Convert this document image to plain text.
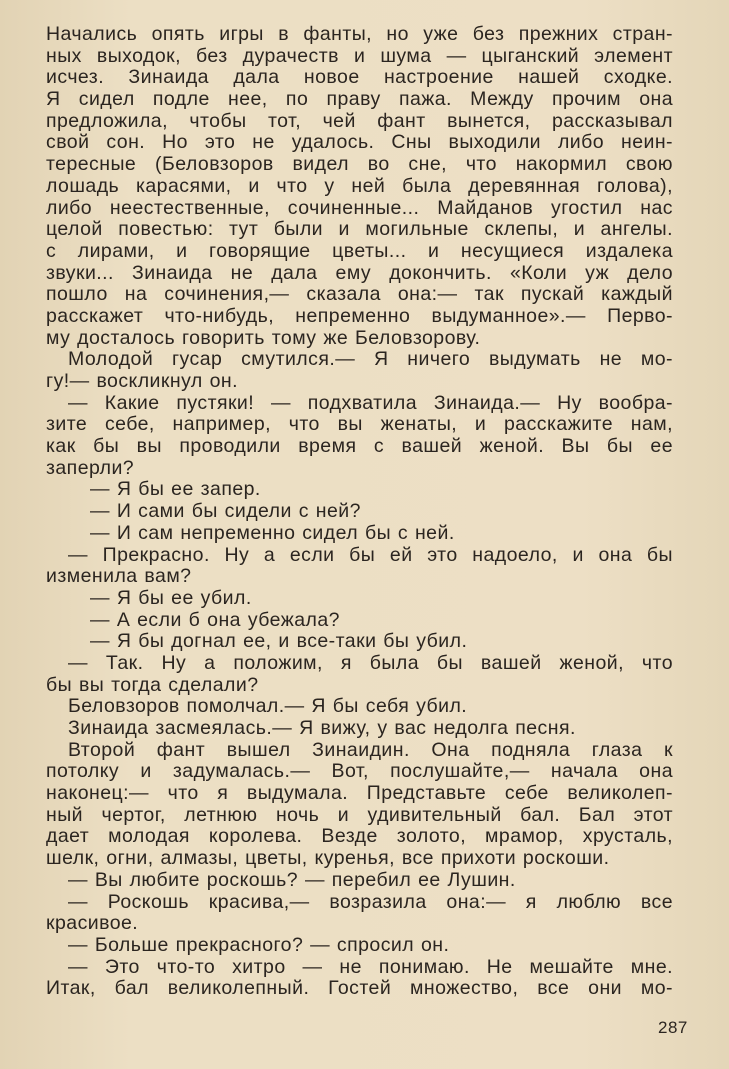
Начались опять игры в фанты, но уже без прежних стран-
ных выходок, без дурачеств и шума — цыганский элемент
исчез. Зинаида дала новое настроение нашей сходке.
Я сидел подле нее, по праву пажа. Между прочим она
предложила, чтобы тот, чей фант вынется, рассказывал
свой сон. Но это не удалось. Сны выходили либо неин-
тересные (Беловзоров видел во сне, что накормил свою
лошадь карасями, и что у ней была деревянная голова),
либо неестественные, сочиненные... Майданов угостил нас
целой повестью: тут были и могильные склепы, и ангелы.
с лирами, и говорящие цветы... и несущиеся издалека
звуки... Зинаида не дала ему докончить. «Коли уж дело
пошло на сочинения,— сказала она:— так пускай каждый
расскажет что-нибудь, непременно выдуманное».— Перво-
му досталось говорить тому же Беловзорову.
Молодой гусар смутился.— Я ничего выдумать не мо-
гу!— воскликнул он.
— Какие пустяки! — подхватила Зинаида.— Ну вообра-
зите себе, например, что вы женаты, и расскажите нам,
как бы вы проводили время с вашей женой. Вы бы ее
заперли?
— Я бы ее запер.
— И сами бы сидели с ней?
— И сам непременно сидел бы с ней.
— Прекрасно. Ну а если бы ей это надоело, и она бы
изменила вам?
— Я бы ее убил.
— А если б она убежала?
— Я бы догнал ее, и все-таки бы убил.
— Так. Ну а положим, я была бы вашей женой, что
бы вы тогда сделали?
Беловзоров помолчал.— Я бы себя убил.
Зинаида засмеялась.— Я вижу, у вас недолга песня.
Второй фант вышел Зинаидин. Она подняла глаза к
потолку и задумалась.— Вот, послушайте,— начала она
наконец:— что я выдумала. Представьте себе великолеп-
ный чертог, летнюю ночь и удивительный бал. Бал этот
дает молодая королева. Везде золото, мрамор, хрусталь,
шелк, огни, алмазы, цветы, куренья, все прихоти роскоши.
— Вы любите роскошь? — перебил ее Лушин.
— Роскошь красива,— возразила она:— я люблю все
красивое.
— Больше прекрасного? — спросил он.
— Это что-то хитро — не понимаю. Не мешайте мне.
Итак, бал великолепный. Гостей множество, все они мо-
287
